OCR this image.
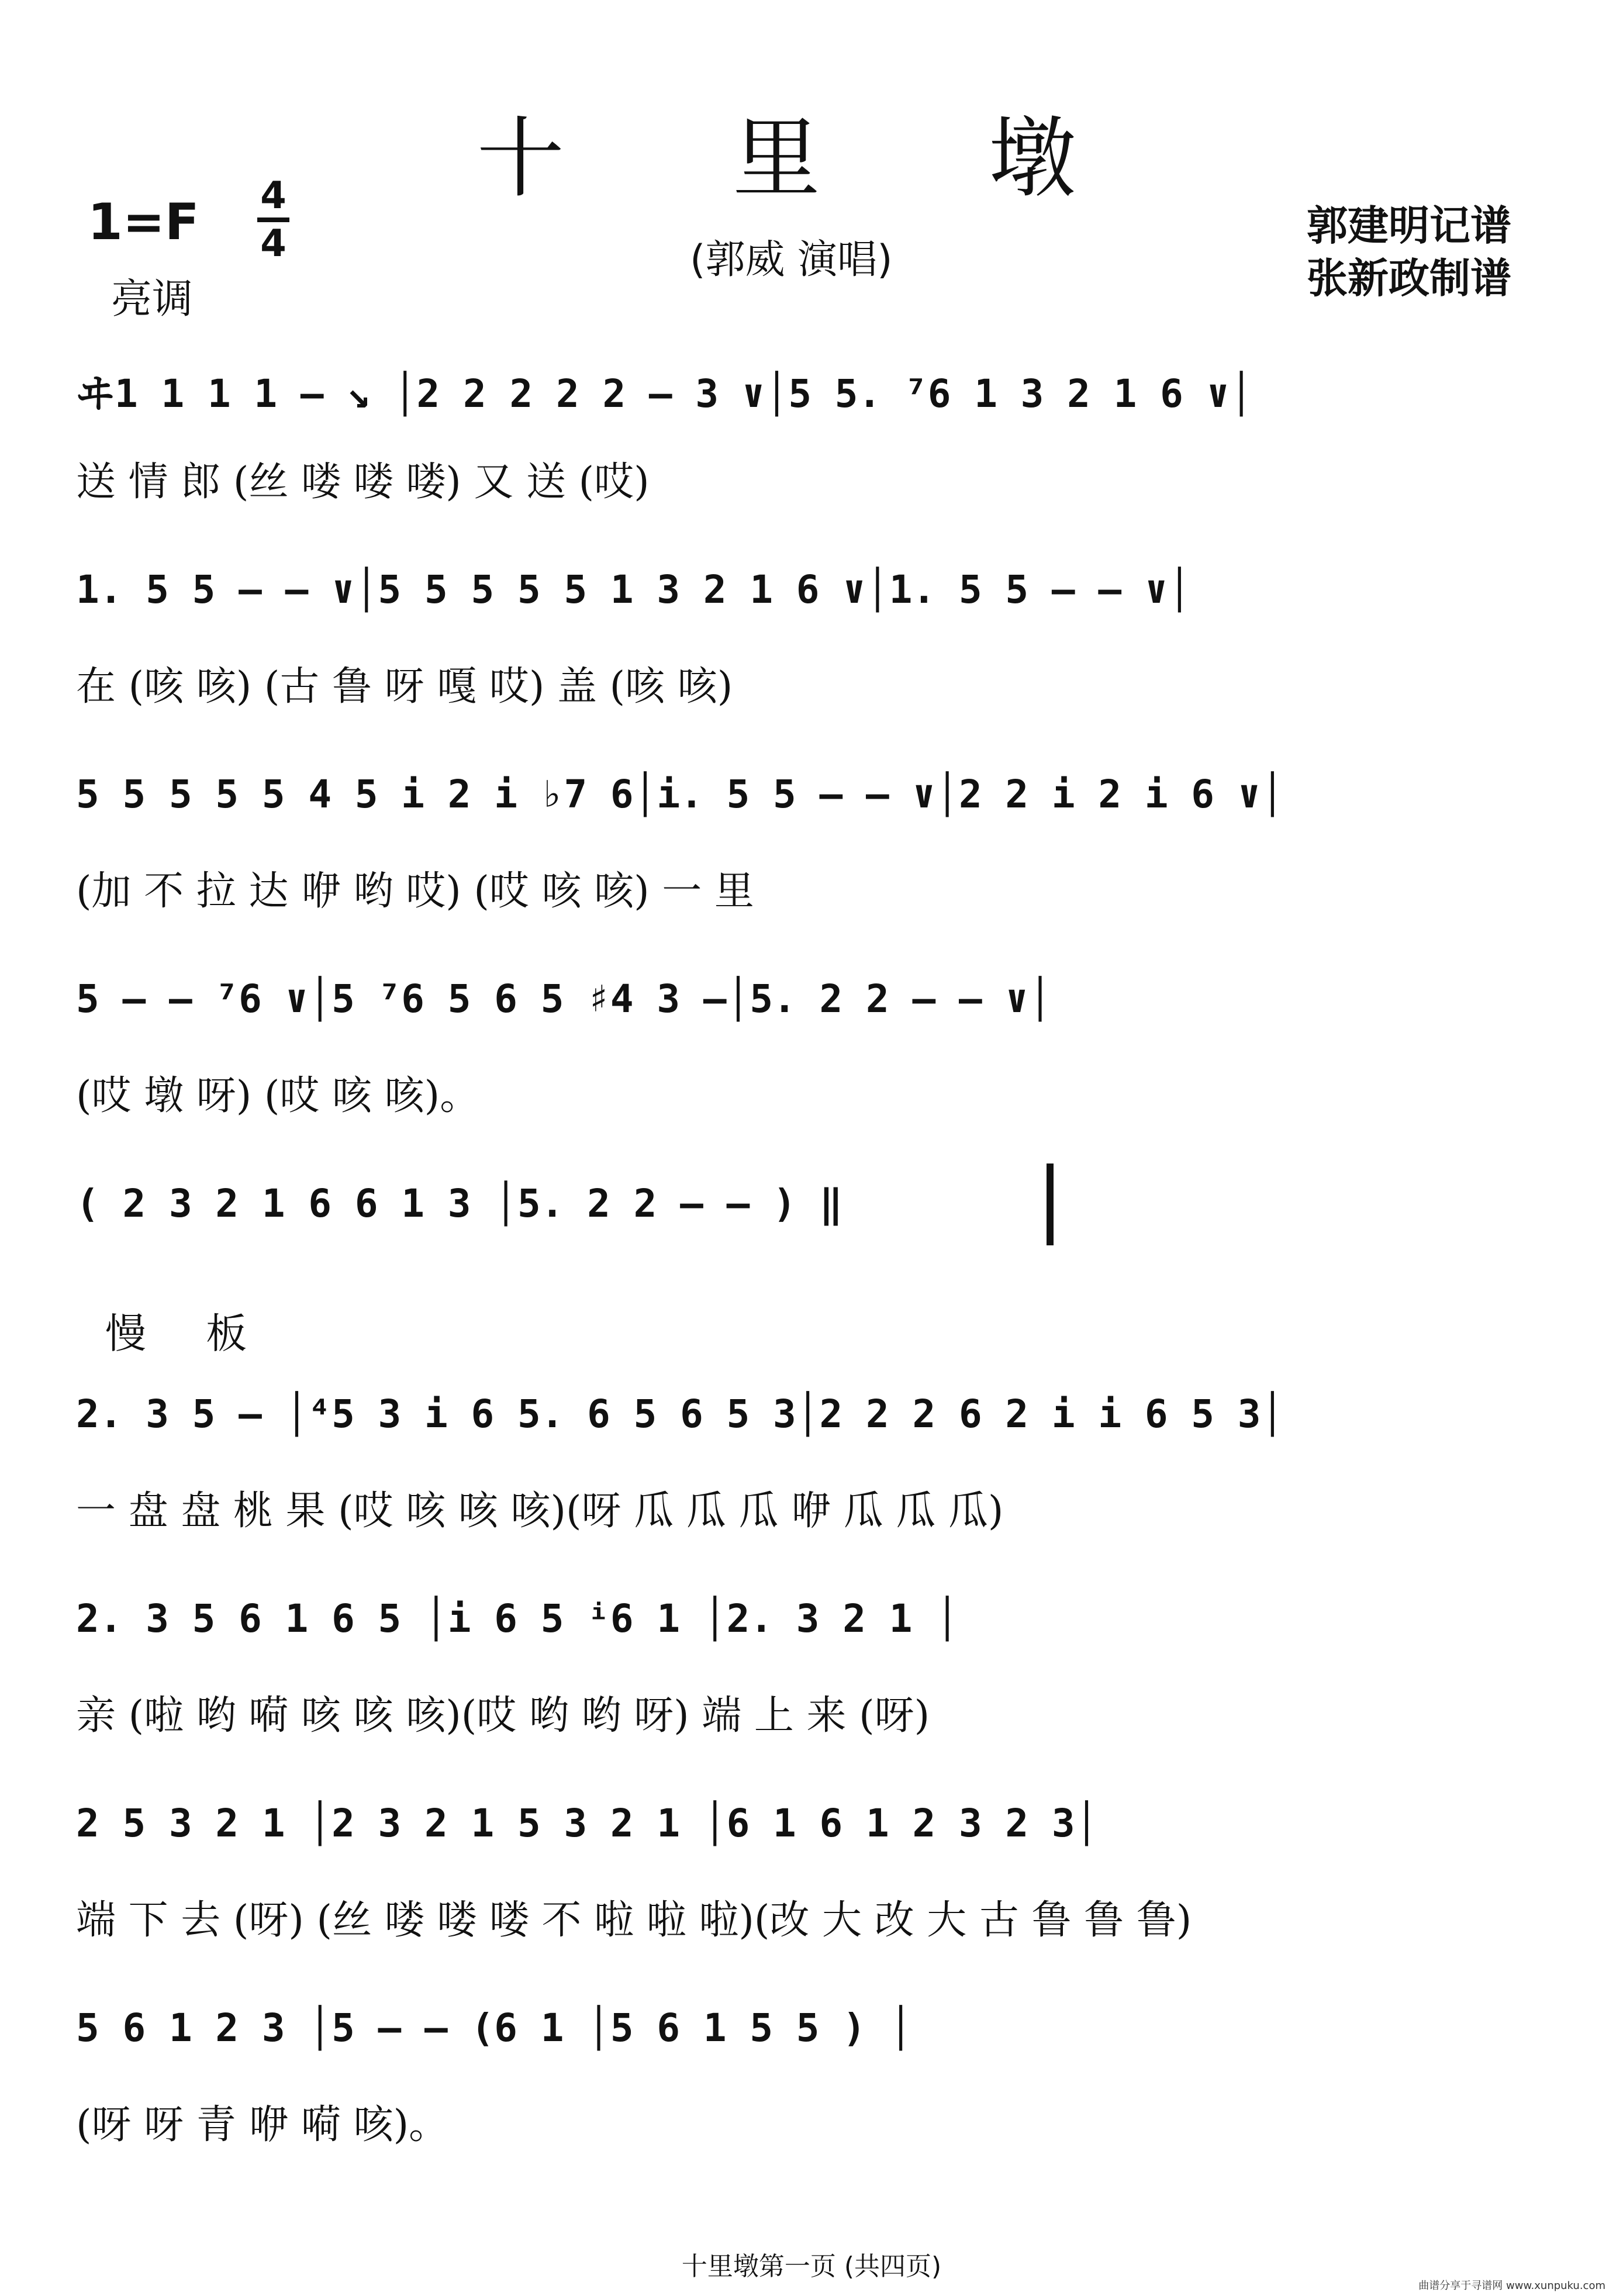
十 里 墩
1=F 4
4
亮调
(郭威 演唱)
郭建明记谱
张新政制谱
ヰ1 1 1 1 – ↘ │2 2 2 2 2 – 3 ∨│5 5. ⁷6 1 3 2 1 6 ∨│
送 情 郎 (丝 喽 喽 喽) 又 送 (哎)
1. 5 5 – – ∨│5 5 5 5 5 1 3 2 1 6 ∨│1. 5 5 – – ∨│
在 (咳 咳) (古 鲁 呀 嘎 哎) 盖 (咳 咳)
5 5 5 5 5 4 5 i 2 i ♭7 6│i. 5 5 – – ∨│2 2 i 2 i 6 ∨│
(加 不 拉 达 咿 哟 哎) (哎 咳 咳) 一 里
5 – – ⁷6 ∨│5 ⁷6 5 6 5 ♯4 3 –│5. 2 2 – – ∨│
(哎 墩 呀) (哎 咳 咳)。
( 2 3 2 1 6 6 1 3 │5. 2 2 – – ) ‖
慢 板
2. 3 5 – │⁴5 3 i 6 5. 6 5 6 5 3│2 2 2 6 2 i i 6 5 3│
一 盘 盘 桃 果 (哎 咳 咳 咳)(呀 瓜 瓜 瓜 咿 瓜 瓜 瓜)
2. 3 5 6 1 6 5 │i 6 5 ⁱ6 1 │2. 3 2 1 │
亲 (啦 哟 嗬 咳 咳 咳)(哎 哟 哟 呀) 端 上 来 (呀)
2 5 3 2 1 │2 3 2 1 5 3 2 1 │6 1 6 1 2 3 2 3│
端 下 去 (呀) (丝 喽 喽 喽 不 啦 啦 啦)(改 大 改 大 古 鲁 鲁 鲁)
5 6 1 2 3 │5 – – (6 1 │5 6 1 5 5 ) │
(呀 呀 青 咿 嗬 咳)。
十里墩第一页 (共四页)
曲谱分享于寻谱网 www.xunpuku.com
